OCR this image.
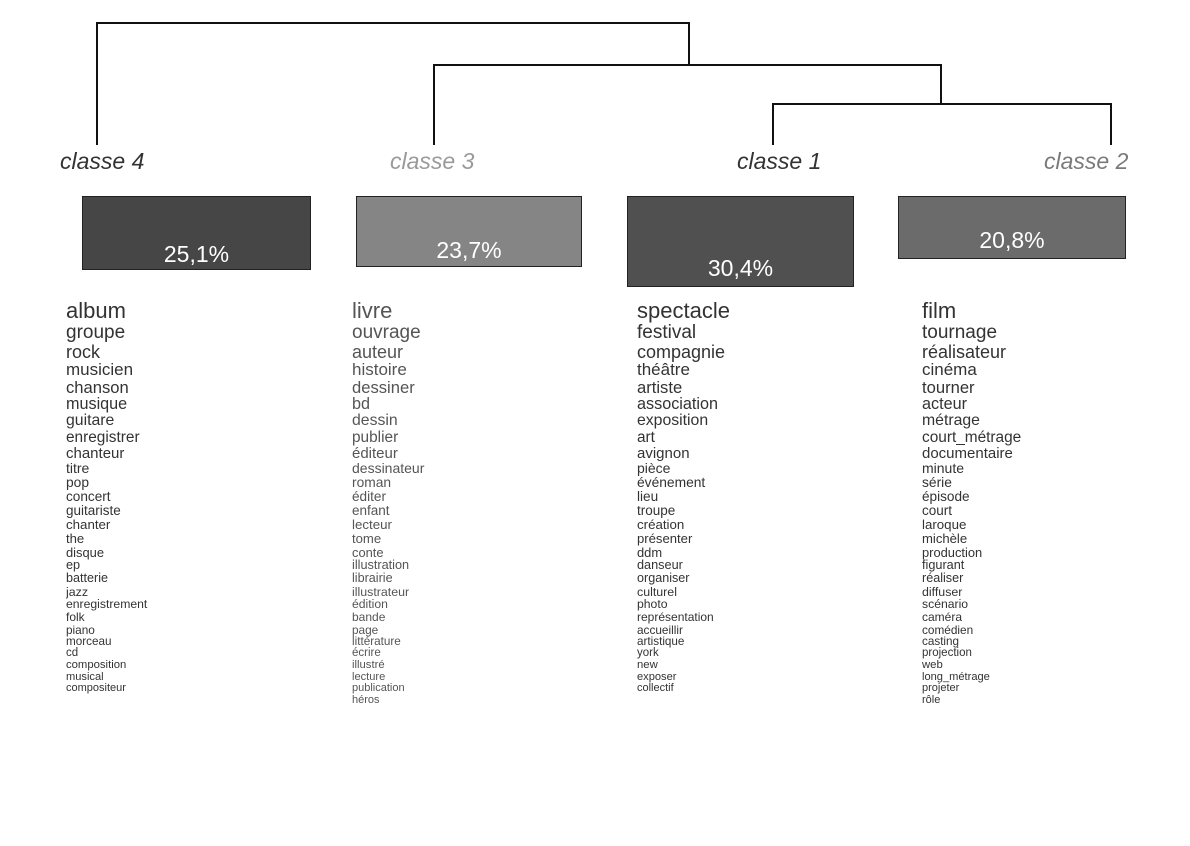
classe 4
25,1%
album
groupe
rock
musicien
chanson
musique
guitare
enregistrer
chanteur
titre
pop
concert
guitariste
chanter
the
disque
ep
batterie
jazz
enregistrement
folk
piano
morceau
cd
composition
musical
compositeur
classe 3
23,7%
livre
ouvrage
auteur
histoire
dessiner
bd
dessin
publier
éditeur
dessinateur
roman
éditer
enfant
lecteur
tome
conte
illustration
librairie
illustrateur
édition
bande
page
littérature
écrire
illustré
lecture
publication
héros
classe 1
30,4%
spectacle
festival
compagnie
théâtre
artiste
association
exposition
art
avignon
pièce
événement
lieu
troupe
création
présenter
ddm
danseur
organiser
culturel
photo
représentation
accueillir
artistique
york
new
exposer
collectif
classe 2
20,8%
film
tournage
réalisateur
cinéma
tourner
acteur
métrage
court_métrage
documentaire
minute
série
épisode
court
laroque
michèle
production
figurant
réaliser
diffuser
scénario
caméra
comédien
casting
projection
web
long_métrage
projeter
rôle
